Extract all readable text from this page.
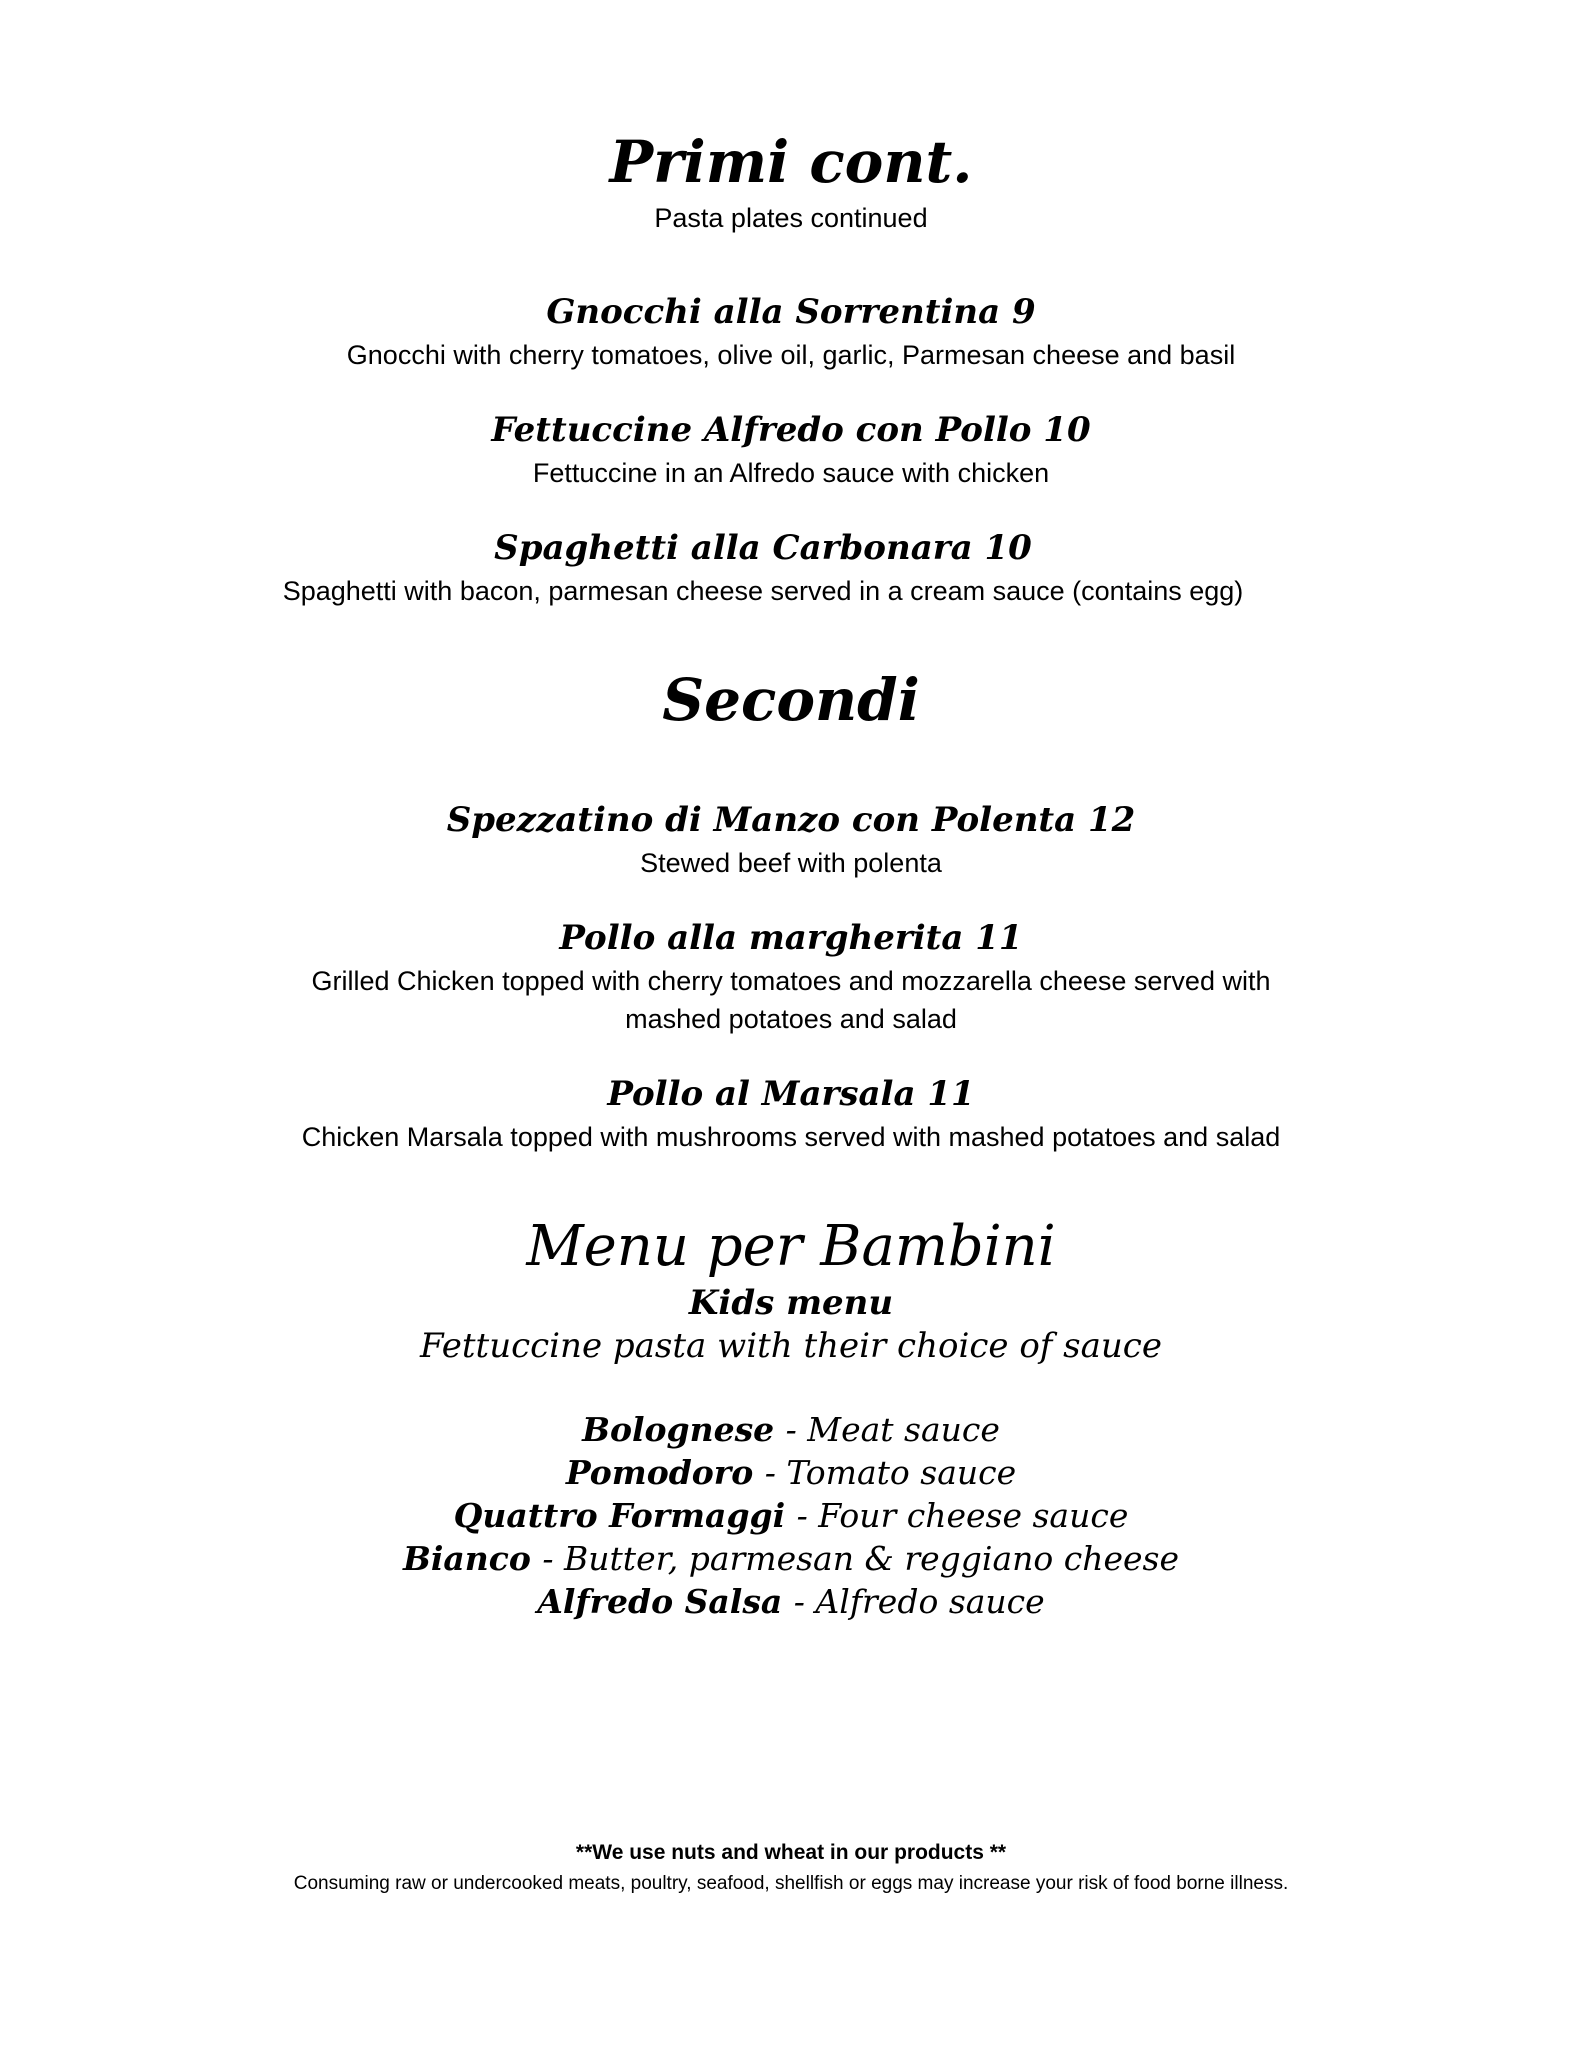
Primi cont.
Pasta plates continued
Gnocchi alla Sorrentina 9
Gnocchi with cherry tomatoes, olive oil, garlic, Parmesan cheese and basil
Fettuccine Alfredo con Pollo 10
Fettuccine in an Alfredo sauce with chicken
Spaghetti alla Carbonara 10
Spaghetti with bacon, parmesan cheese served in a cream sauce (contains egg)
Secondi
Spezzatino di Manzo con Polenta 12
Stewed beef with polenta
Pollo alla margherita 11
Grilled Chicken topped with cherry tomatoes and mozzarella cheese served with
mashed potatoes and salad
Pollo al Marsala 11
Chicken Marsala topped with mushrooms served with mashed potatoes and salad
Menu per Bambini
Kids menu
Fettuccine pasta with their choice of sauce
Bolognese - Meat sauce
Pomodoro - Tomato sauce
Quattro Formaggi - Four cheese sauce
Bianco - Butter, parmesan & reggiano cheese
Alfredo Salsa - Alfredo sauce
**We use nuts and wheat in our products **
Consuming raw or undercooked meats, poultry, seafood, shellfish or eggs may increase your risk of food borne illness.
